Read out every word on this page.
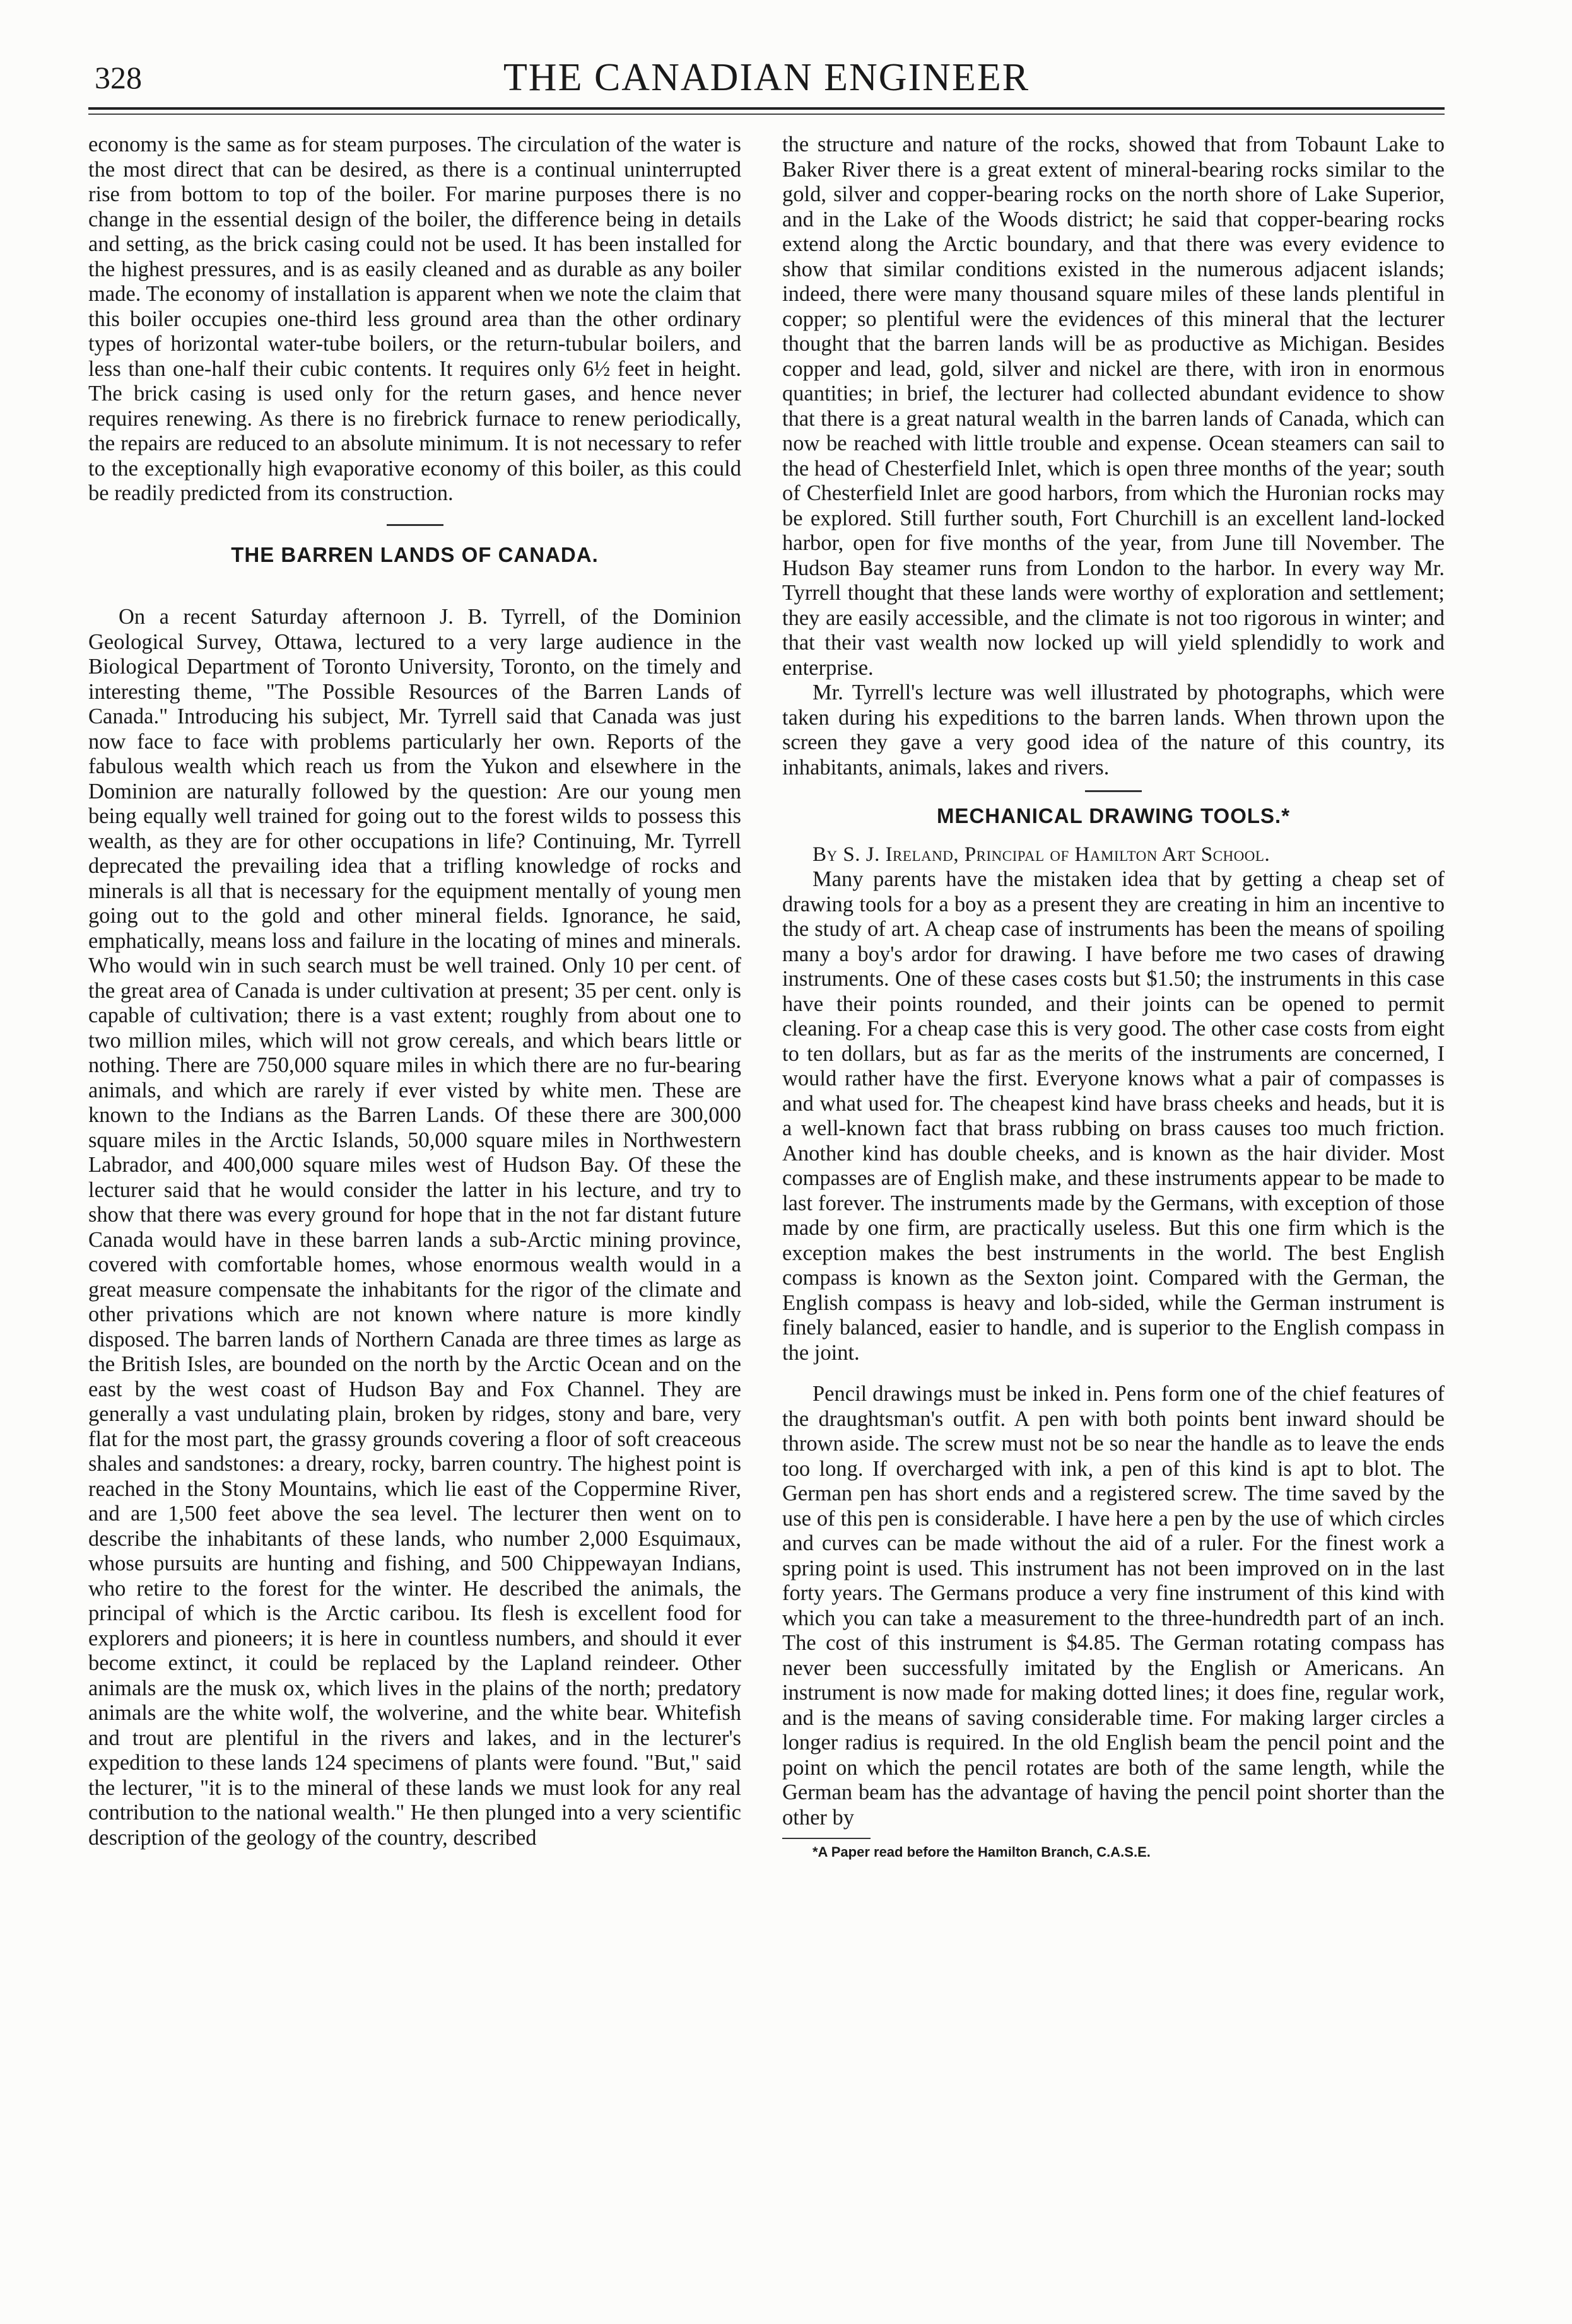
328	THE CANADIAN ENGINEER

economy is the same as for steam purposes. The circulation of the water is the most direct that can be desired, as there is a continual uninterrupted rise from bottom to top of the boiler. For marine purposes there is no change in the essential design of the boiler, the difference being in details and setting, as the brick casing could not be used. It has been installed for the highest pressures, and is as easily cleaned and as durable as any boiler made. The economy of installation is apparent when we note the claim that this boiler occupies one-third less ground area than the other ordinary types of horizontal water-tube boilers, or the return-tubular boilers, and less than one-half their cubic contents. It requires only 6½ feet in height. The brick casing is used only for the return gases, and hence never requires renewing. As there is no firebrick furnace to renew periodically, the repairs are reduced to an absolute minimum. It is not necessary to refer to the exceptionally high evaporative economy of this boiler, as this could be readily predicted from its construction.

THE BARREN LANDS OF CANADA.

On a recent Saturday afternoon J. B. Tyrrell, of the Dominion Geological Survey, Ottawa, lectured to a very large audience in the Biological Department of Toronto University, Toronto, on the timely and interesting theme, "The Possible Resources of the Barren Lands of Canada." Introducing his subject, Mr. Tyrrell said that Canada was just now face to face with problems particularly her own. Reports of the fabulous wealth which reach us from the Yukon and elsewhere in the Dominion are naturally followed by the question: Are our young men being equally well trained for going out to the forest wilds to possess this wealth, as they are for other occupations in life? Continuing, Mr. Tyrrell deprecated the prevailing idea that a trifling knowledge of rocks and minerals is all that is necessary for the equipment mentally of young men going out to the gold and other mineral fields. Ignorance, he said, emphatically, means loss and failure in the locating of mines and minerals. Who would win in such search must be well trained. Only 10 per cent. of the great area of Canada is under cultivation at present; 35 per cent. only is capable of cultivation; there is a vast extent; roughly from about one to two million miles, which will not grow cereals, and which bears little or nothing. There are 750,000 square miles in which there are no fur-bearing animals, and which are rarely if ever visted by white men. These are known to the Indians as the Barren Lands. Of these there are 300,000 square miles in the Arctic Islands, 50,000 square miles in Northwestern Labrador, and 400,000 square miles west of Hudson Bay. Of these the lecturer said that he would consider the latter in his lecture, and try to show that there was every ground for hope that in the not far distant future Canada would have in these barren lands a sub-Arctic mining province, covered with comfortable homes, whose enormous wealth would in a great measure compensate the inhabitants for the rigor of the climate and other privations which are not known where nature is more kindly disposed. The barren lands of Northern Canada are three times as large as the British Isles, are bounded on the north by the Arctic Ocean and on the east by the west coast of Hudson Bay and Fox Channel. They are generally a vast undulating plain, broken by ridges, stony and bare, very flat for the most part, the grassy grounds covering a floor of soft creaceous shales and sandstones: a dreary, rocky, barren country. The highest point is reached in the Stony Mountains, which lie east of the Coppermine River, and are 1,500 feet above the sea level. The lecturer then went on to describe the inhabitants of these lands, who number 2,000 Esquimaux, whose pursuits are hunting and fishing, and 500 Chippewayan Indians, who retire to the forest for the winter. He described the animals, the principal of which is the Arctic caribou. Its flesh is excellent food for explorers and pioneers; it is here in countless numbers, and should it ever become extinct, it could be replaced by the Lapland reindeer. Other animals are the musk ox, which lives in the plains of the north; predatory animals are the white wolf, the wolverine, and the white bear. Whitefish and trout are plentiful in the rivers and lakes, and in the lecturer's expedition to these lands 124 specimens of plants were found. "But," said the lecturer, "it is to the mineral of these lands we must look for any real contribution to the national wealth." He then plunged into a very scientific description of the geology of the country, described

the structure and nature of the rocks, showed that from Tobaunt Lake to Baker River there is a great extent of mineral-bearing rocks similar to the gold, silver and copper-bearing rocks on the north shore of Lake Superior, and in the Lake of the Woods district; he said that copper-bearing rocks extend along the Arctic boundary, and that there was every evidence to show that similar conditions existed in the numerous adjacent islands; indeed, there were many thousand square miles of these lands plentiful in copper; so plentiful were the evidences of this mineral that the lecturer thought that the barren lands will be as productive as Michigan. Besides copper and lead, gold, silver and nickel are there, with iron in enormous quantities; in brief, the lecturer had collected abundant evidence to show that there is a great natural wealth in the barren lands of Canada, which can now be reached with little trouble and expense. Ocean steamers can sail to the head of Chesterfield Inlet, which is open three months of the year; south of Chesterfield Inlet are good harbors, from which the Huronian rocks may be explored. Still further south, Fort Churchill is an excellent land-locked harbor, open for five months of the year, from June till November. The Hudson Bay steamer runs from London to the harbor. In every way Mr. Tyrrell thought that these lands were worthy of exploration and settlement; they are easily accessible, and the climate is not too rigorous in winter; and that their vast wealth now locked up will yield splendidly to work and enterprise.

Mr. Tyrrell's lecture was well illustrated by photographs, which were taken during his expeditions to the barren lands. When thrown upon the screen they gave a very good idea of the nature of this country, its inhabitants, animals, lakes and rivers.

MECHANICAL DRAWING TOOLS.*

By S. J. Ireland, Principal of Hamilton Art School.

Many parents have the mistaken idea that by getting a cheap set of drawing tools for a boy as a present they are creating in him an incentive to the study of art. A cheap case of instruments has been the means of spoiling many a boy's ardor for drawing. I have before me two cases of drawing instruments. One of these cases costs but $1.50; the instruments in this case have their points rounded, and their joints can be opened to permit cleaning. For a cheap case this is very good. The other case costs from eight to ten dollars, but as far as the merits of the instruments are concerned, I would rather have the first. Everyone knows what a pair of compasses is and what used for. The cheapest kind have brass cheeks and heads, but it is a well-known fact that brass rubbing on brass causes too much friction. Another kind has double cheeks, and is known as the hair divider. Most compasses are of English make, and these instruments appear to be made to last forever. The instruments made by the Germans, with exception of those made by one firm, are practically useless. But this one firm which is the exception makes the best instruments in the world. The best English compass is known as the Sexton joint. Compared with the German, the English compass is heavy and lob-sided, while the German instrument is finely balanced, easier to handle, and is superior to the English compass in the joint.

Pencil drawings must be inked in. Pens form one of the chief features of the draughtsman's outfit. A pen with both points bent inward should be thrown aside. The screw must not be so near the handle as to leave the ends too long. If overcharged with ink, a pen of this kind is apt to blot. The German pen has short ends and a registered screw. The time saved by the use of this pen is considerable. I have here a pen by the use of which circles and curves can be made without the aid of a ruler. For the finest work a spring point is used. This instrument has not been improved on in the last forty years. The Germans produce a very fine instrument of this kind with which you can take a measurement to the three-hundredth part of an inch. The cost of this instrument is $4.85. The German rotating compass has never been successfully imitated by the English or Americans. An instrument is now made for making dotted lines; it does fine, regular work, and is the means of saving considerable time. For making larger circles a longer radius is required. In the old English beam the pencil point and the point on which the pencil rotates are both of the same length, while the German beam has the advantage of having the pencil point shorter than the other by

*A Paper read before the Hamilton Branch, C.A.S.E.
